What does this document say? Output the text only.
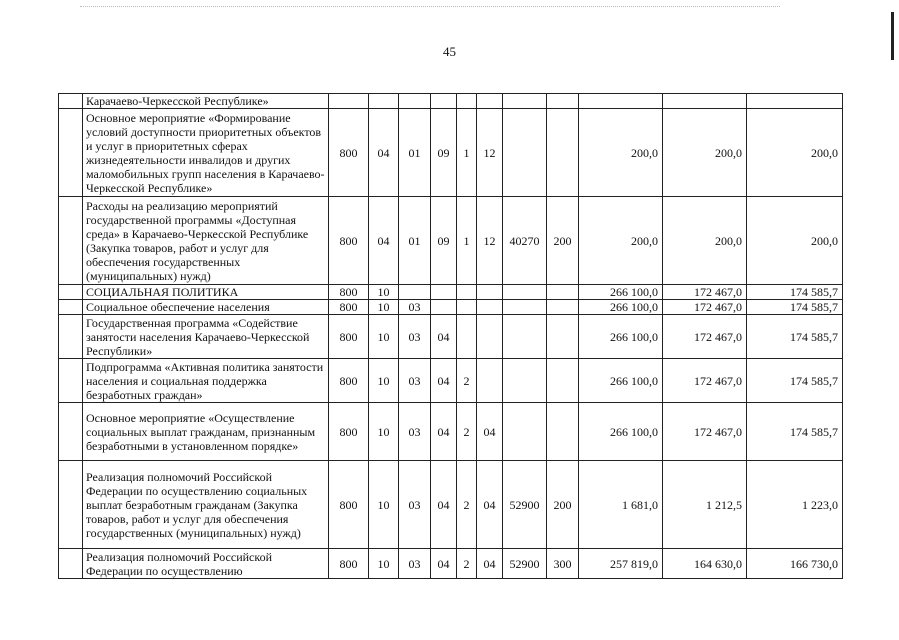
45
	Карачаево-Черкесской Республике»											
	Основное мероприятие «Формирование условий доступности приоритетных объектов и услуг в приоритетных сферах жизнедеятельности инвалидов и других маломобильных групп населения в Карачаево-Черкесской Республике»	800	04	01	09	1	12			200,0	200,0	200,0
	Расходы на реализацию мероприятий государственной программы «Доступная среда» в Карачаево-Черкесской Республике (Закупка товаров, работ и услуг для обеспечения государственных (муниципальных) нужд)	800	04	01	09	1	12	40270	200	200,0	200,0	200,0
	СОЦИАЛЬНАЯ ПОЛИТИКА	800	10							266 100,0	172 467,0	174 585,7
	Социальное обеспечение населения	800	10	03						266 100,0	172 467,0	174 585,7
	Государственная программа «Содействие занятости населения Карачаево-Черкесской Республики»	800	10	03	04					266 100,0	172 467,0	174 585,7
	Подпрограмма «Активная политика занятости населения и социальная поддержка безработных граждан»	800	10	03	04	2				266 100,0	172 467,0	174 585,7
	Основное мероприятие «Осуществление социальных выплат гражданам, признанным безработными в установленном порядке»	800	10	03	04	2	04			266 100,0	172 467,0	174 585,7
	Реализация полномочий Российской Федерации по осуществлению социальных выплат безработным гражданам (Закупка товаров, работ и услуг для обеспечения государственных (муниципальных) нужд)	800	10	03	04	2	04	52900	200	1 681,0	1 212,5	1 223,0
	Реализация полномочий Российской Федерации по осуществлению	800	10	03	04	2	04	52900	300	257 819,0	164 630,0	166 730,0
